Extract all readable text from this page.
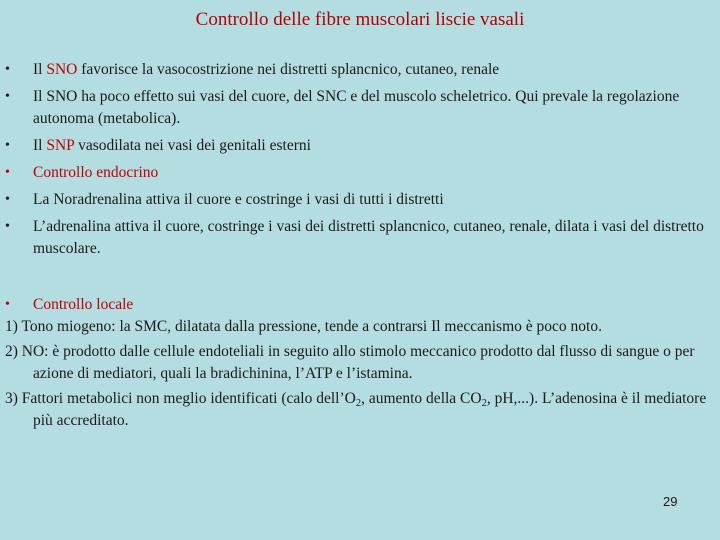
Controllo delle fibre muscolari liscie vasali
• Il SNO favorisce la vasocostrizione nei distretti splancnico, cutaneo, renale
• Il SNO ha poco effetto sui vasi del cuore, del SNC e del muscolo scheletrico. Qui prevale la regolazione autonoma (metabolica).
• Il SNP vasodilata nei vasi dei genitali esterni
• Controllo endocrino
• La Noradrenalina attiva il cuore e costringe i vasi di tutti i distretti
• L’adrenalina attiva il cuore, costringe i vasi dei distretti splancnico, cutaneo, renale, dilata i vasi del distretto muscolare.
• Controllo locale
1) Tono miogeno: la SMC, dilatata dalla pressione, tende a contrarsi Il meccanismo è poco noto.
2) NO: è prodotto dalle cellule endoteliali in seguito allo stimolo meccanico prodotto dal flusso di sangue o per azione di mediatori, quali la bradichinina, l’ATP e l’istamina.
3) Fattori metabolici non meglio identificati (calo $dell’O_2$, aumento della $CO_2$, pH,...). L’adenosina è il mediatore più accreditato.
29
